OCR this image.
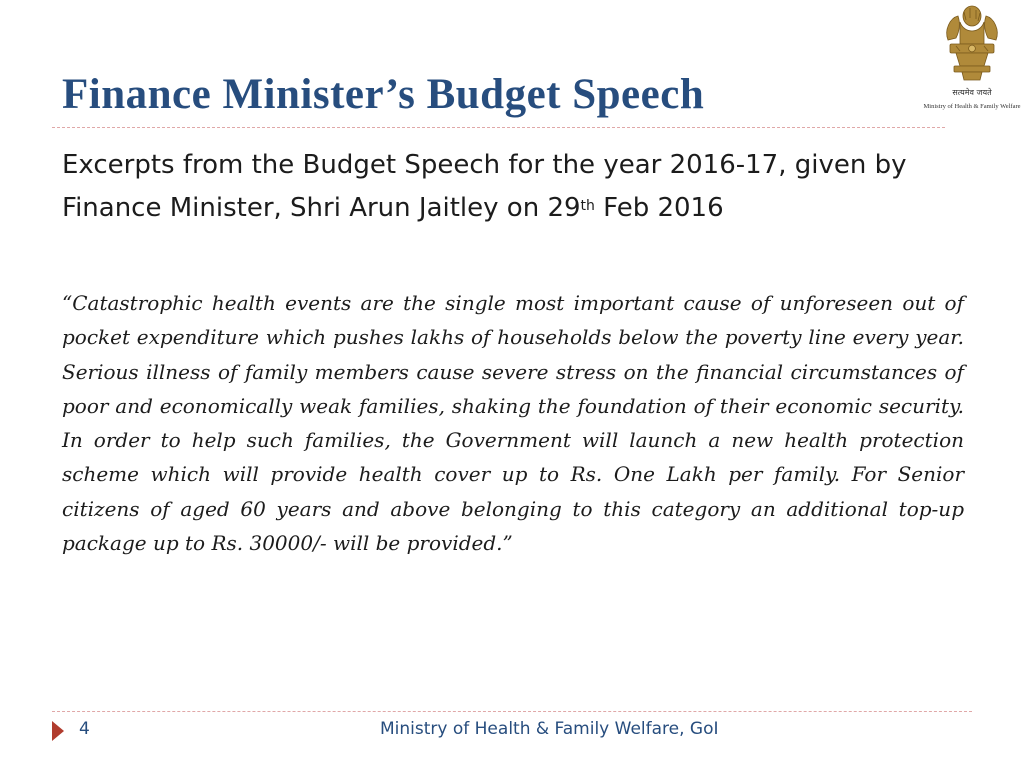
Finance Minister’s Budget Speech	सत्यमेव जयते
Ministry of Health & Family Welfare
Excerpts from the Budget Speech for the year 2016-17, given by
Finance Minister, Shri Arun Jaitley on 29th Feb 2016

“Catastrophic health events are the single most important cause of unforeseen out of pocket expenditure which pushes lakhs of households below the poverty line every year. Serious illness of family members cause severe stress on the financial circumstances of poor and economically weak families, shaking the foundation of their economic security. In order to help such families, the Government will launch a new health protection scheme which will provide health cover up to Rs. One Lakh per family. For Senior citizens of aged 60 years and above belonging to this category an additional top-up package up to Rs. 30000/- will be provided.”

4	Ministry of Health & Family Welfare, GoI
